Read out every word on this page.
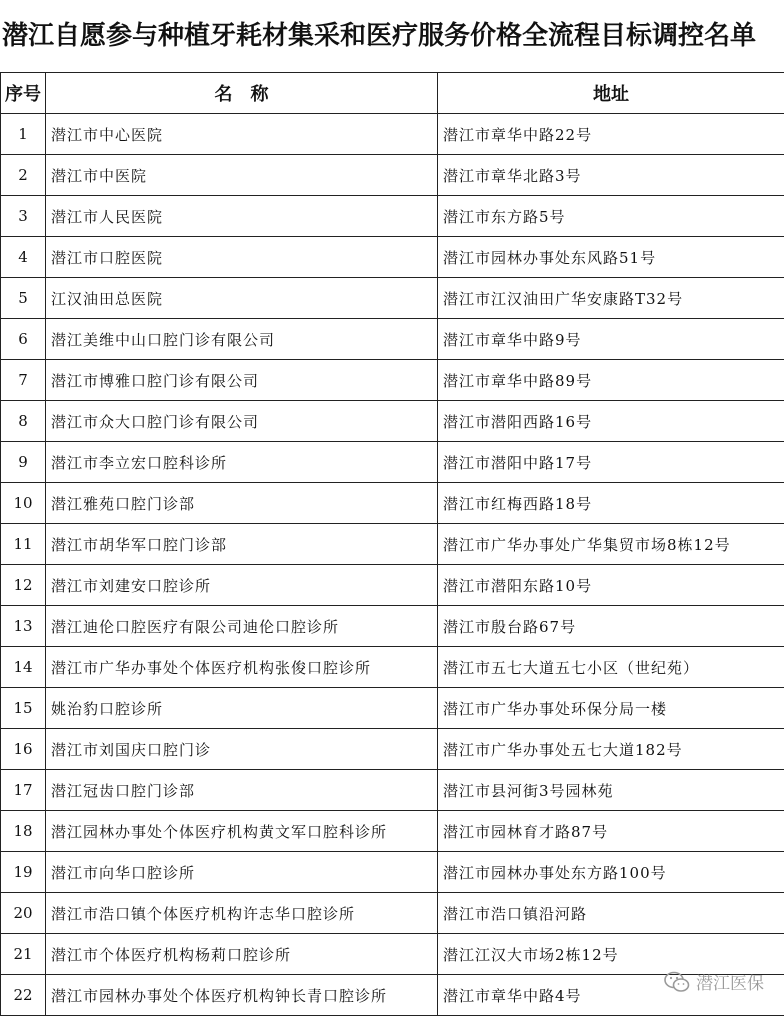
潜江自愿参与种植牙耗材集采和医疗服务价格全流程目标调控名单
序号	名　称	地址
1	潜江市中心医院	潜江市章华中路22号
2	潜江市中医院	潜江市章华北路3号
3	潜江市人民医院	潜江市东方路5号
4	潜江市口腔医院	潜江市园林办事处东风路51号
5	江汉油田总医院	潜江市江汉油田广华安康路T32号
6	潜江美维中山口腔门诊有限公司	潜江市章华中路9号
7	潜江市博雅口腔门诊有限公司	潜江市章华中路89号
8	潜江市众大口腔门诊有限公司	潜江市潜阳西路16号
9	潜江市李立宏口腔科诊所	潜江市潜阳中路17号
10	潜江雅苑口腔门诊部	潜江市红梅西路18号
11	潜江市胡华军口腔门诊部	潜江市广华办事处广华集贸市场8栋12号
12	潜江市刘建安口腔诊所	潜江市潜阳东路10号
13	潜江迪伦口腔医疗有限公司迪伦口腔诊所	潜江市殷台路67号
14	潜江市广华办事处个体医疗机构张俊口腔诊所	潜江市五七大道五七小区（世纪苑）
15	姚治豹口腔诊所	潜江市广华办事处环保分局一楼
16	潜江市刘国庆口腔门诊	潜江市广华办事处五七大道182号
17	潜江冠齿口腔门诊部	潜江市县河街3号园林苑
18	潜江园林办事处个体医疗机构黄文军口腔科诊所	潜江市园林育才路87号
19	潜江市向华口腔诊所	潜江市园林办事处东方路100号
20	潜江市浩口镇个体医疗机构许志华口腔诊所	潜江市浩口镇沿河路
21	潜江市个体医疗机构杨莉口腔诊所	潜江江汉大市场2栋12号
22	潜江市园林办事处个体医疗机构钟长青口腔诊所	潜江市章华中路4号
潜江医保
